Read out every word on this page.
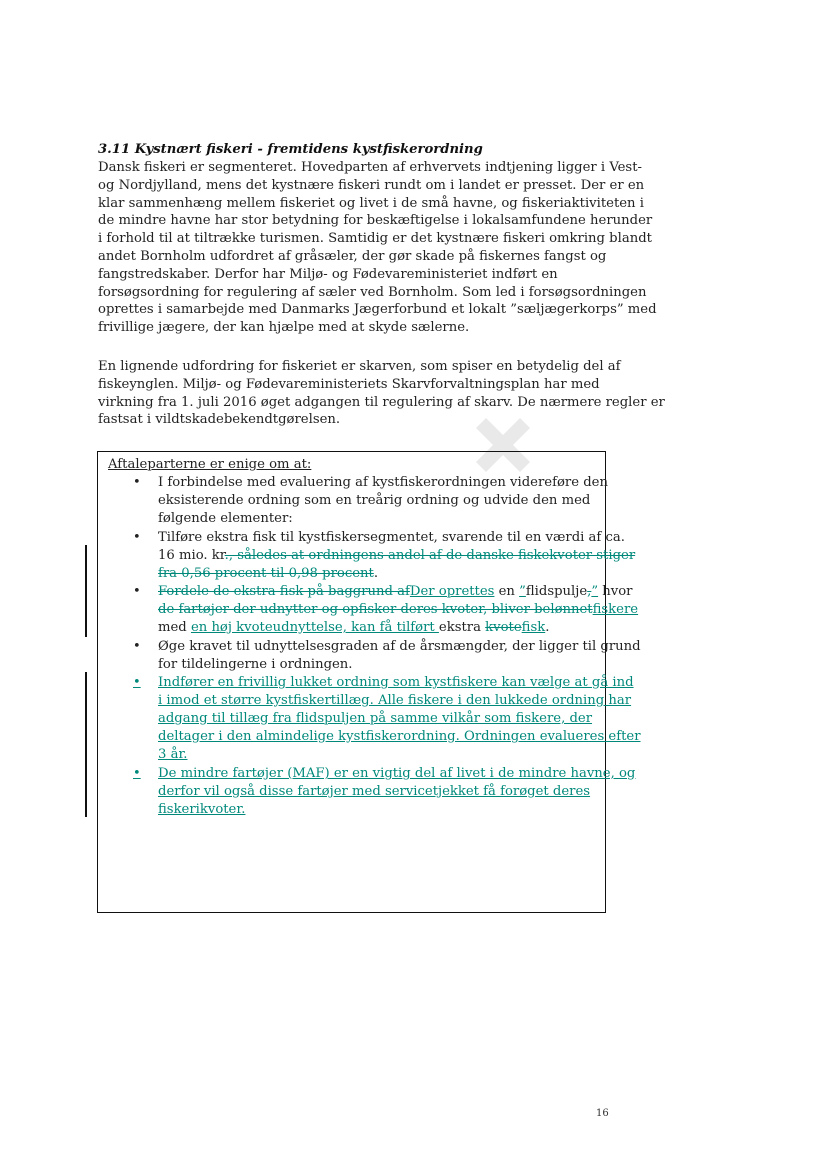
3.11 Kystnært fiskeri - fremtidens kystfiskerordning
Dansk fiskeri er segmenteret. Hovedparten af erhvervets indtjening ligger i Vest-
og Nordjylland, mens det kystnære fiskeri rundt om i landet er presset. Der er en
klar sammenhæng mellem fiskeriet og livet i de små havne, og fiskeriaktiviteten i
de mindre havne har stor betydning for beskæftigelse i lokalsamfundene herunder
i forhold til at tiltrække turismen. Samtidig er det kystnære fiskeri omkring blandt
andet Bornholm udfordret af gråsæler, der gør skade på fiskernes fangst og
fangstredskaber. Derfor har Miljø- og Fødevareministeriet indført en
forsøgsordning for regulering af sæler ved Bornholm. Som led i forsøgsordningen
oprettes i samarbejde med Danmarks Jægerforbund et lokalt ”sæljægerkorps” med
frivillige jægere, der kan hjælpe med at skyde sælerne.
En lignende udfordring for fiskeriet er skarven, som spiser en betydelig del af
fiskeynglen. Miljø- og Fødevareministeriets Skarvforvaltningsplan har med
virkning fra 1. juli 2016 øget adgangen til regulering af skarv. De nærmere regler er
fastsat i vildtskadebekendtgørelsen.
Aftaleparterne er enige om at:
• I forbindelse med evaluering af kystfiskerordningen videreføre den
eksisterende ordning som en treårig ordning og udvide den med
følgende elementer:
• Tilføre ekstra fisk til kystfiskersegmentet, svarende til en værdi af ca.
16 mio. kr., således at ordningens andel af de danske fiskekvoter stiger
fra 0,56 procent til 0,98 procent.
• Fordele de ekstra fisk på baggrund afDer oprettes en ”flidspulje,” hvor
de fartøjer der udnytter og opfisker deres kvoter, bliver belønnetfiskere
med en høj kvoteudnyttelse, kan få tilført ekstra kvotefisk.
• Øge kravet til udnyttelsesgraden af de årsmængder, der ligger til grund
for tildelingerne i ordningen.
• Indfører en frivillig lukket ordning som kystfiskere kan vælge at gå ind
i imod et større kystfiskertillæg. Alle fiskere i den lukkede ordning har
adgang til tillæg fra flidspuljen på samme vilkår som fiskere, der
deltager i den almindelige kystfiskerordning. Ordningen evalueres efter
3 år.
• De mindre fartøjer (MAF) er en vigtig del af livet i de mindre havne, og
derfor vil også disse fartøjer med servicetjekket få forøget deres
fiskerikvoter.
16
